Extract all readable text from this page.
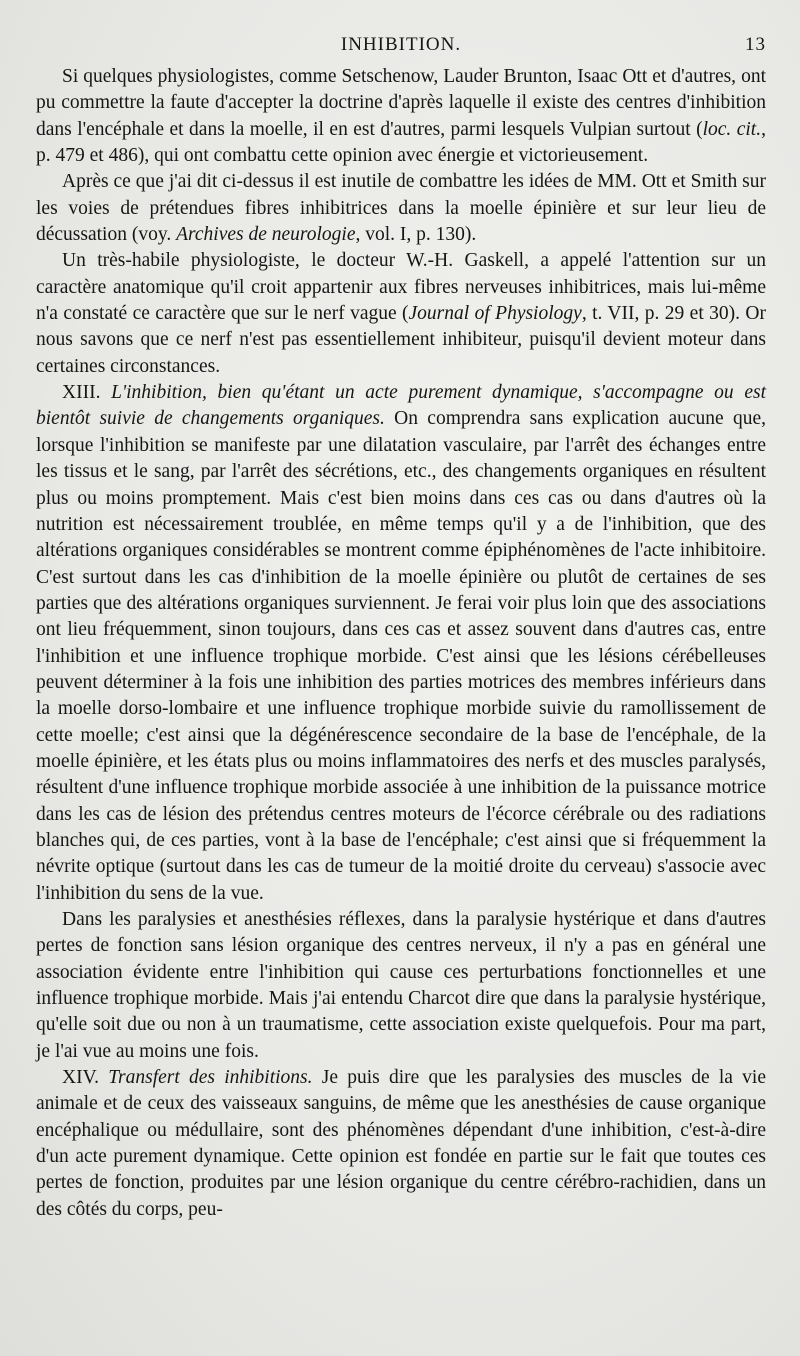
INHIBITION.	13

Si quelques physiologistes, comme Setschenow, Lauder Brunton, Isaac Ott et d'autres, ont pu commettre la faute d'accepter la doctrine d'après laquelle il existe des centres d'inhibition dans l'encéphale et dans la moelle, il en est d'autres, parmi lesquels Vulpian surtout (loc. cit., p. 479 et 486), qui ont combattu cette opinion avec énergie et victorieusement.

Après ce que j'ai dit ci-dessus il est inutile de combattre les idées de MM. Ott et Smith sur les voies de prétendues fibres inhibitrices dans la moelle épinière et sur leur lieu de décussation (voy. Archives de neurologie, vol. I, p. 130).

Un très-habile physiologiste, le docteur W.-H. Gaskell, a appelé l'attention sur un caractère anatomique qu'il croit appartenir aux fibres nerveuses inhibitrices, mais lui-même n'a constaté ce caractère que sur le nerf vague (Journal of Physiology, t. VII, p. 29 et 30). Or nous savons que ce nerf n'est pas essentiellement inhibiteur, puisqu'il devient moteur dans certaines circonstances.

XIII. L'inhibition, bien qu'étant un acte purement dynamique, s'accompagne ou est bientôt suivie de changements organiques. On comprendra sans explication aucune que, lorsque l'inhibition se manifeste par une dilatation vasculaire, par l'arrêt des échanges entre les tissus et le sang, par l'arrêt des sécrétions, etc., des changements organiques en résultent plus ou moins promptement. Mais c'est bien moins dans ces cas ou dans d'autres où la nutrition est nécessairement troublée, en même temps qu'il y a de l'inhibition, que des altérations organiques considérables se montrent comme épiphénomènes de l'acte inhibitoire. C'est surtout dans les cas d'inhibition de la moelle épinière ou plutôt de certaines de ses parties que des altérations organiques surviennent. Je ferai voir plus loin que des associations ont lieu fréquemment, sinon toujours, dans ces cas et assez souvent dans d'autres cas, entre l'inhibition et une influence trophique morbide. C'est ainsi que les lésions cérébelleuses peuvent déterminer à la fois une inhibition des parties motrices des membres inférieurs dans la moelle dorso-lombaire et une influence trophique morbide suivie du ramollissement de cette moelle; c'est ainsi que la dégénérescence secondaire de la base de l'encéphale, de la moelle épinière, et les états plus ou moins inflammatoires des nerfs et des muscles paralysés, résultent d'une influence trophique morbide associée à une inhibition de la puissance motrice dans les cas de lésion des prétendus centres moteurs de l'écorce cérébrale ou des radiations blanches qui, de ces parties, vont à la base de l'encéphale; c'est ainsi que si fréquemment la névrite optique (surtout dans les cas de tumeur de la moitié droite du cerveau) s'associe avec l'inhibition du sens de la vue.

Dans les paralysies et anesthésies réflexes, dans la paralysie hystérique et dans d'autres pertes de fonction sans lésion organique des centres nerveux, il n'y a pas en général une association évidente entre l'inhibition qui cause ces perturbations fonctionnelles et une influence trophique morbide. Mais j'ai entendu Charcot dire que dans la paralysie hystérique, qu'elle soit due ou non à un traumatisme, cette association existe quelquefois. Pour ma part, je l'ai vue au moins une fois.

XIV. Transfert des inhibitions. Je puis dire que les paralysies des muscles de la vie animale et de ceux des vaisseaux sanguins, de même que les anesthésies de cause organique encéphalique ou médullaire, sont des phénomènes dépendant d'une inhibition, c'est-à-dire d'un acte purement dynamique. Cette opinion est fondée en partie sur le fait que toutes ces pertes de fonction, produites par une lésion organique du centre cérébro-rachidien, dans un des côtés du corps, peu-
